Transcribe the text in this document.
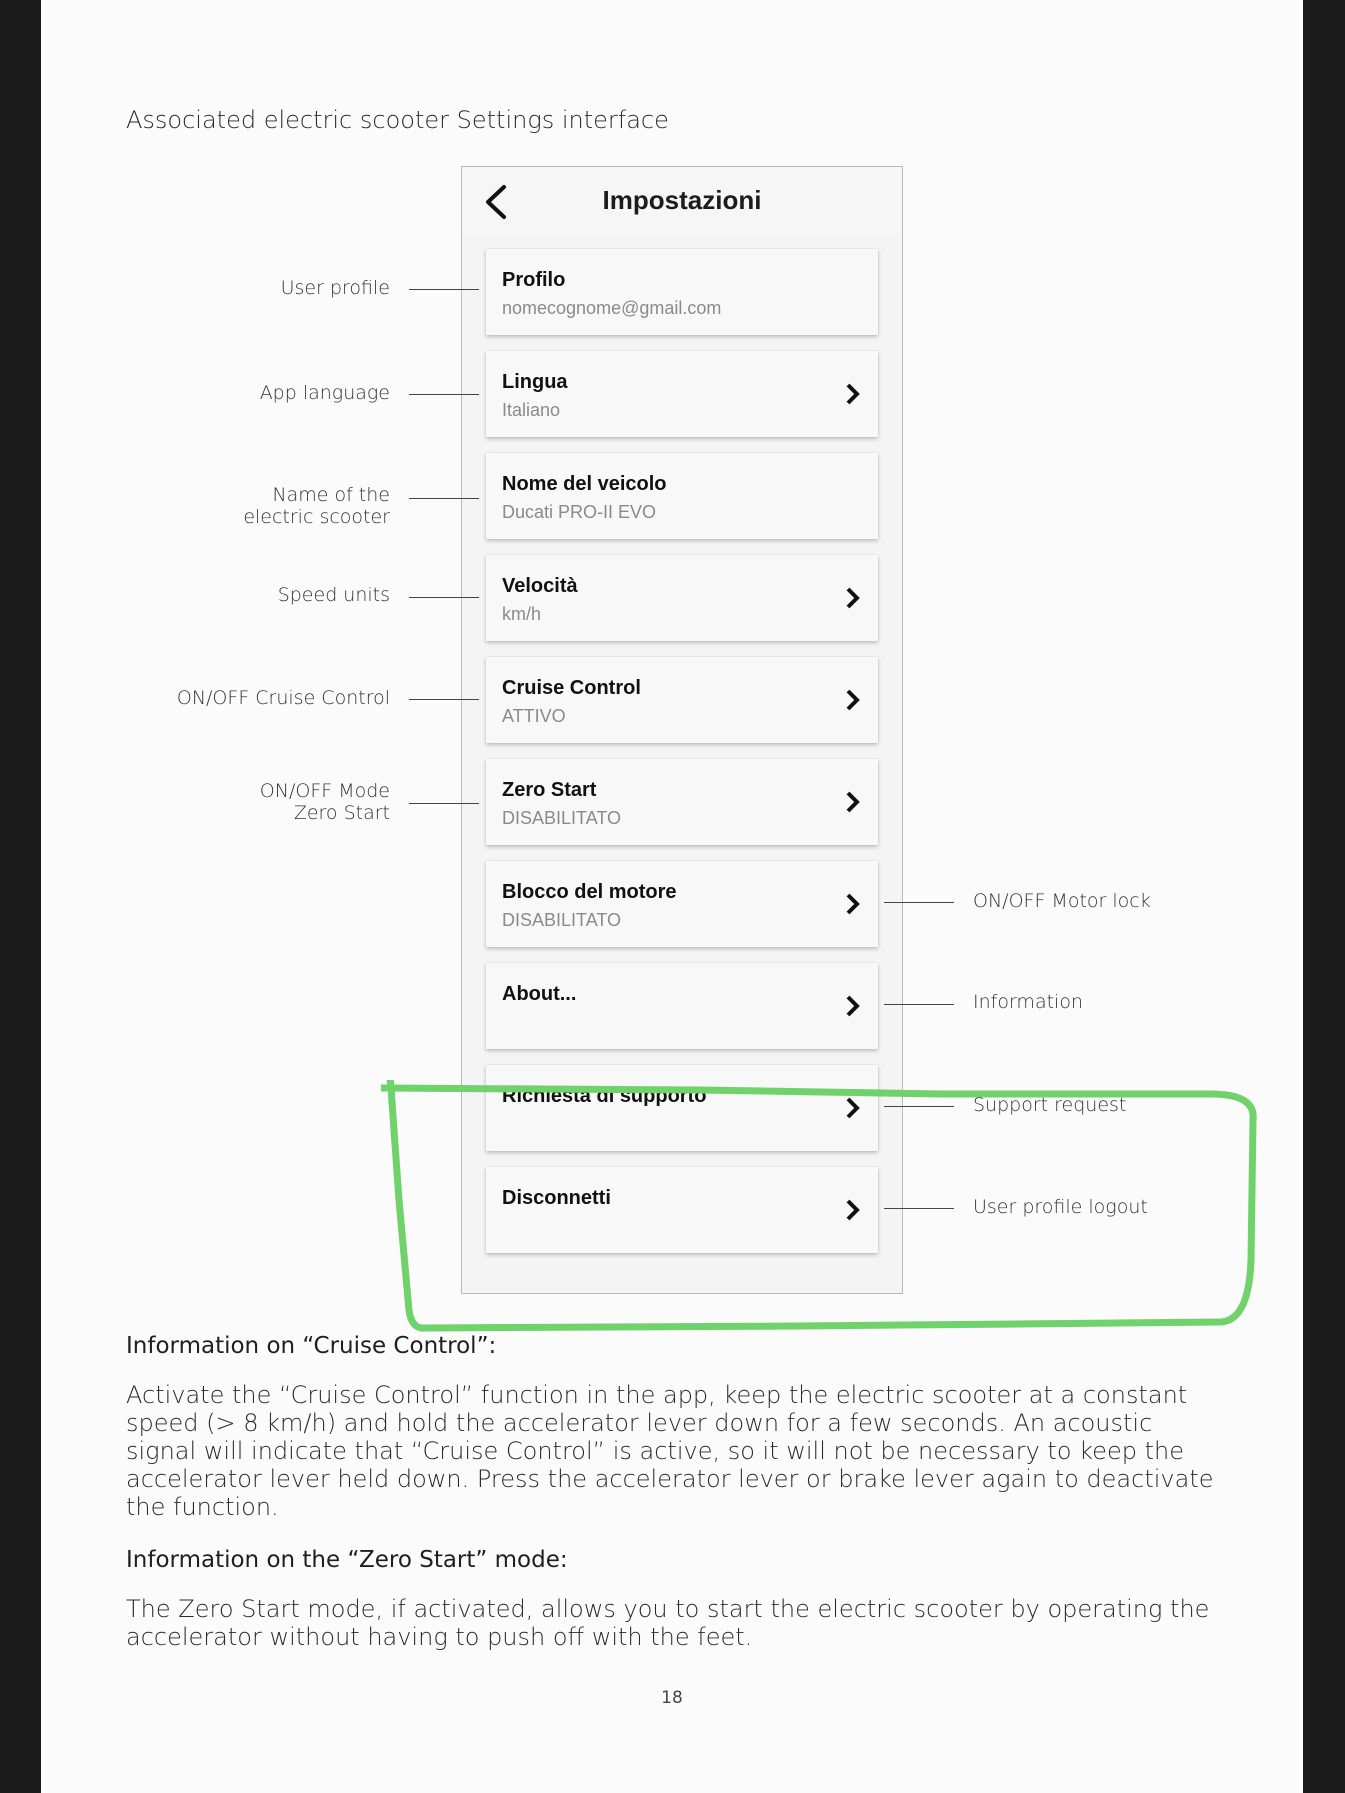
Associated electric scooter Settings interface
Impostazioni
Profilo
nomecognome@gmail.com
Lingua
Italiano
Nome del veicolo
Ducati PRO-II EVO
Velocità
km/h
Cruise Control
ATTIVO
Zero Start
DISABILITATO
Blocco del motore
DISABILITATO
About...
Richiesta di supporto
Disconnetti
User profile
App language
Name of the
electric scooter
Speed units
ON/OFF Cruise Control
ON/OFF Mode
Zero Start
ON/OFF Motor lock
Information
Support request
User profile logout
Information on “Cruise Control”:
Activate the “Cruise Control” function in the app, keep the electric scooter at a constant
speed (> 8 km/h) and hold the accelerator lever down for a few seconds. An acoustic
signal will indicate that “Cruise Control” is active, so it will not be necessary to keep the
accelerator lever held down. Press the accelerator lever or brake lever again to deactivate
the function.
Information on the “Zero Start” mode:
The Zero Start mode, if activated, allows you to start the electric scooter by operating the
accelerator without having to push off with the feet.
18
